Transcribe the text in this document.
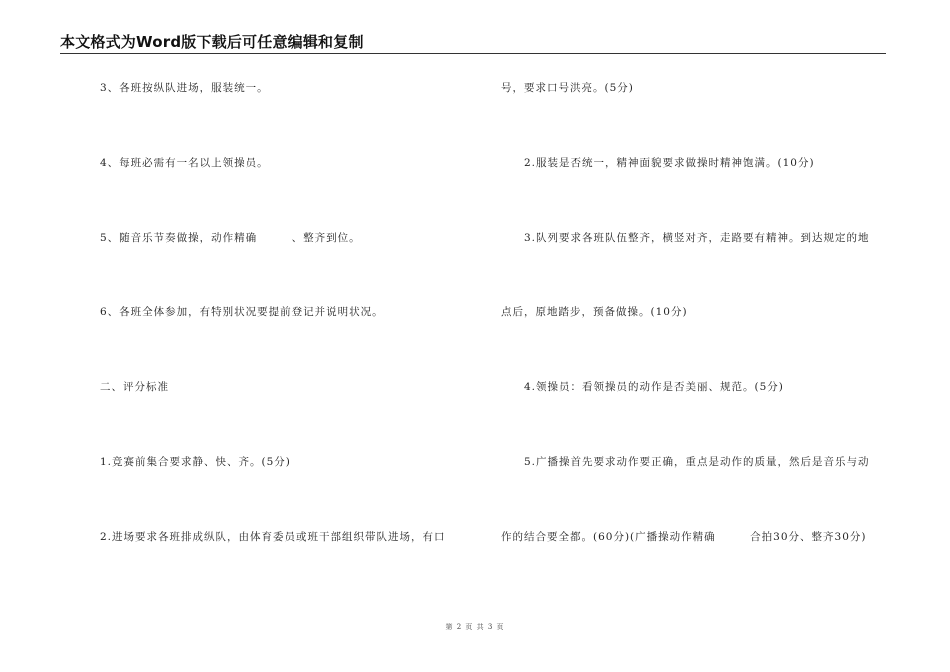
本文格式为Word版下载后可任意编辑和复制
3、各班按纵队进场，服装统一。
4、每班必需有一名以上领操员。
5、随音乐节奏做操，动作精确　　　、整齐到位。
6、各班全体参加，有特别状况要提前登记并说明状况。
二、评分标准
1.竞赛前集合要求静、快、齐。(5分)
2.进场要求各班排成纵队，由体育委员或班干部组织带队进场，有口
号，要求口号洪亮。(5分)
2.服装是否统一，精神面貌要求做操时精神饱满。(10分)
3.队列要求各班队伍整齐，横竖对齐，走路要有精神。到达规定的地
点后，原地踏步，预备做操。(10分)
4.领操员：看领操员的动作是否美丽、规范。(5分)
5.广播操首先要求动作要正确，重点是动作的质量，然后是音乐与动
作的结合要全都。(60分)(广播操动作精确　　　合拍30分、整齐30分)
第 2 页 共 3 页
